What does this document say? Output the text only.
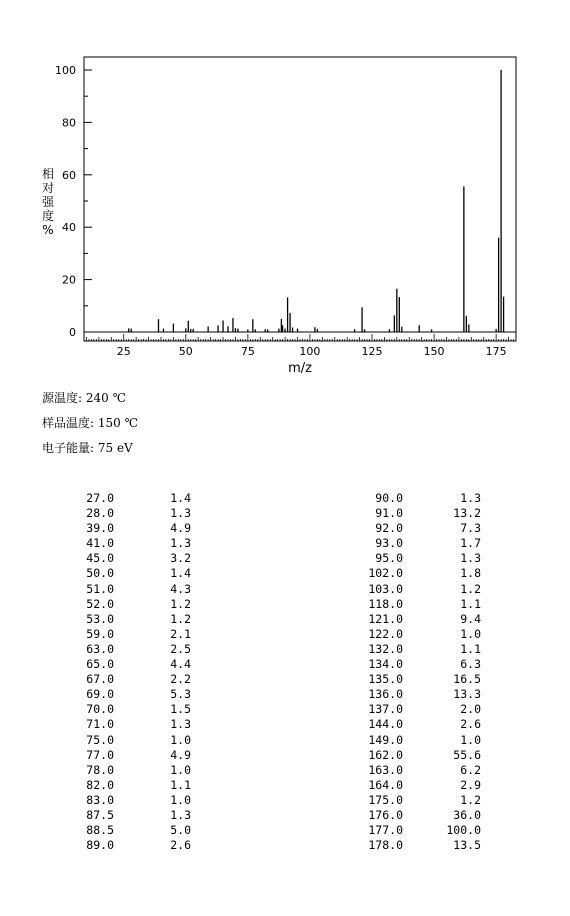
0
20
40
60
80
100
25	50	75	100	125	150	175
m/z
相
对
强
度
%
源温度: 240 ℃
样品温度: 150 ℃
电子能量: 75 eV
27.0	1.4
28.0	1.3
39.0	4.9
41.0	1.3
45.0	3.2
50.0	1.4
51.0	4.3
52.0	1.2
53.0	1.2
59.0	2.1
63.0	2.5
65.0	4.4
67.0	2.2
69.0	5.3
70.0	1.5
71.0	1.3
75.0	1.0
77.0	4.9
78.0	1.0
82.0	1.1
83.0	1.0
87.5	1.3
88.5	5.0
89.0	2.6
90.0	1.3
91.0	13.2
92.0	7.3
93.0	1.7
95.0	1.3
102.0	1.8
103.0	1.2
118.0	1.1
121.0	9.4
122.0	1.0
132.0	1.1
134.0	6.3
135.0	16.5
136.0	13.3
137.0	2.0
144.0	2.6
149.0	1.0
162.0	55.6
163.0	6.2
164.0	2.9
175.0	1.2
176.0	36.0
177.0	100.0
178.0	13.5
